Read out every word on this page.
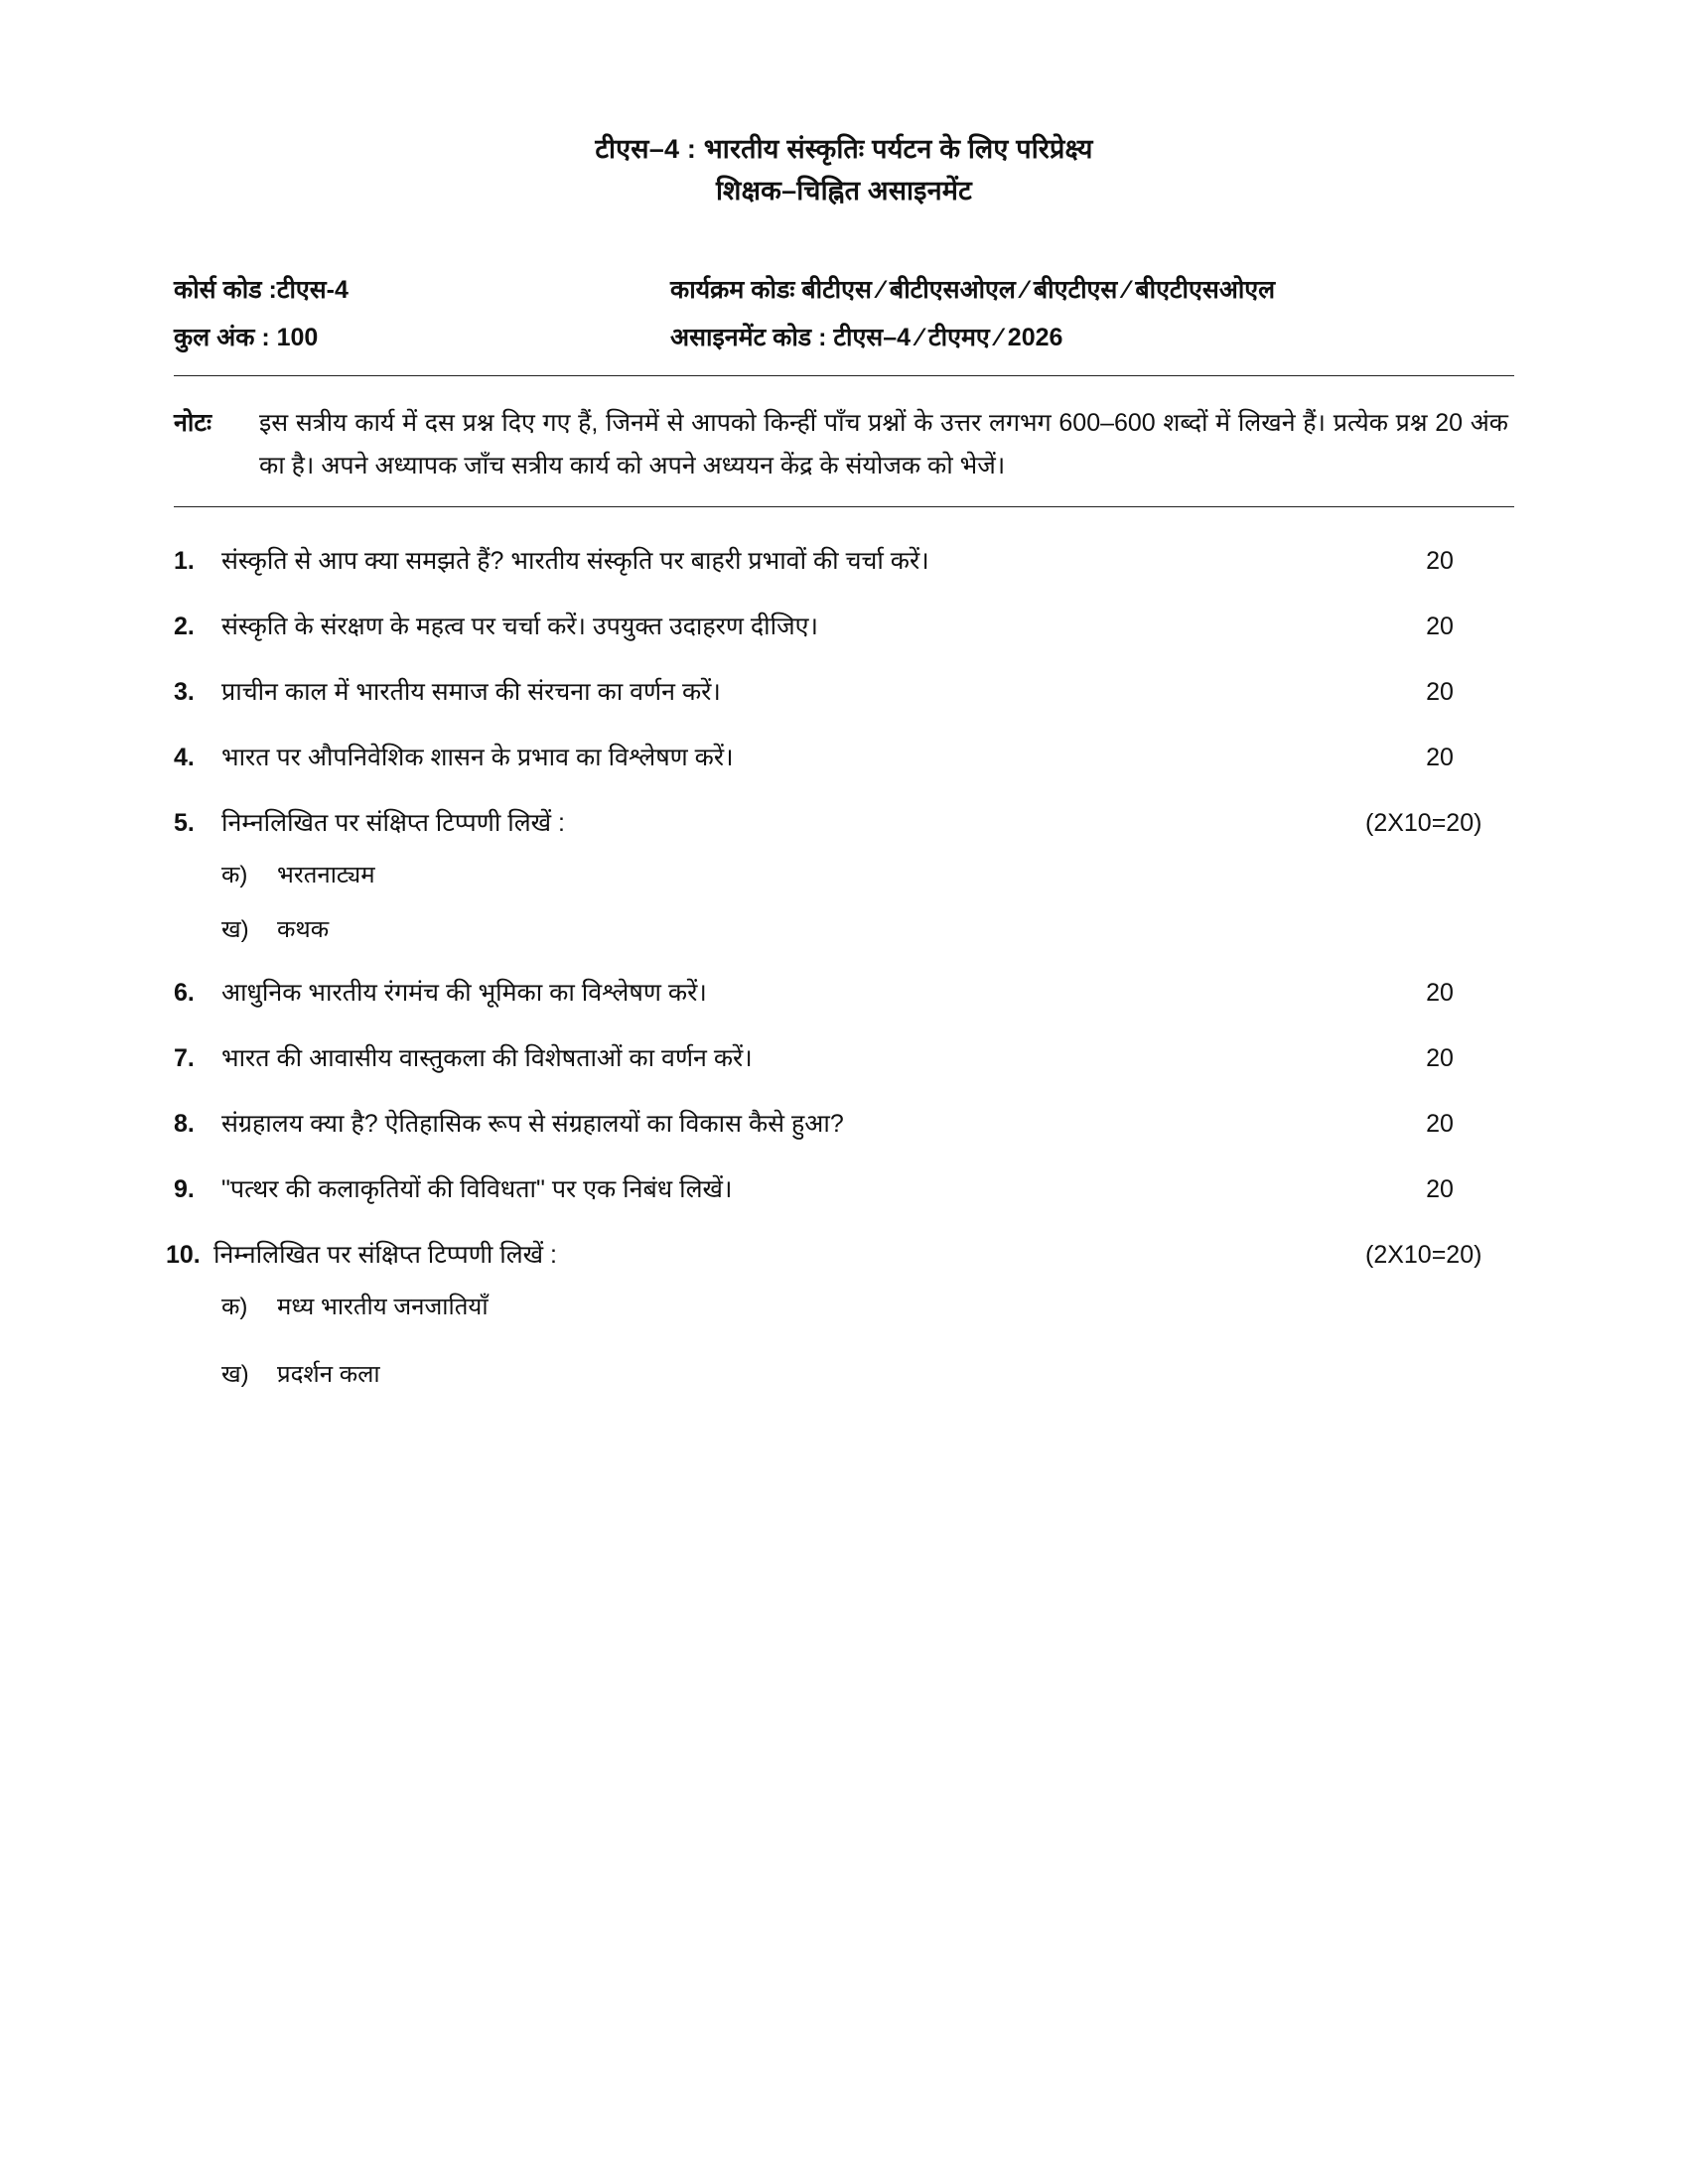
टीएस–4 : भारतीय संस्कृतिः पर्यटन के लिए परिप्रेक्ष्य
शिक्षक–चिह्नित असाइनमेंट
कोर्स कोड :टीएस-4	कार्यक्रम कोडः बीटीएस ⁄ बीटीएसओएल ⁄ बीएटीएस ⁄ बीएटीएसओएल
कुल अंक : 100	असाइनमेंट कोड : टीएस–4 ⁄ टीएमए ⁄ 2026
नोटः	इस सत्रीय कार्य में दस प्रश्न दिए गए हैं, जिनमें से आपको किन्हीं पाँच प्रश्नों के उत्तर लगभग 600–600 शब्दों में लिखने हैं। प्रत्येक प्रश्न 20 अंक का है। अपने अध्यापक जाँच सत्रीय कार्य को अपने अध्ययन केंद्र के संयोजक को भेजें।
1.	संस्कृति से आप क्या समझते हैं? भारतीय संस्कृति पर बाहरी प्रभावों की चर्चा करें।	20
2.	संस्कृति के संरक्षण के महत्व पर चर्चा करें। उपयुक्त उदाहरण दीजिए।	20
3.	प्राचीन काल में भारतीय समाज की संरचना का वर्णन करें।	20
4.	भारत पर औपनिवेशिक शासन के प्रभाव का विश्लेषण करें।	20
5.	निम्नलिखित पर संक्षिप्त टिप्पणी लिखें :	(2X10=20)
क)	भरतनाट्यम
ख)	कथक
6.	आधुनिक भारतीय रंगमंच की भूमिका का विश्लेषण करें।	20
7.	भारत की आवासीय वास्तुकला की विशेषताओं का वर्णन करें।	20
8.	संग्रहालय क्या है? ऐतिहासिक रूप से संग्रहालयों का विकास कैसे हुआ?	20
9.	"पत्थर की कलाकृतियों की विविधता" पर एक निबंध लिखें।	20
10. निम्नलिखित पर संक्षिप्त टिप्पणी लिखें :	(2X10=20)
क)	मध्य भारतीय जनजातियाँ
ख)	प्रदर्शन कला
